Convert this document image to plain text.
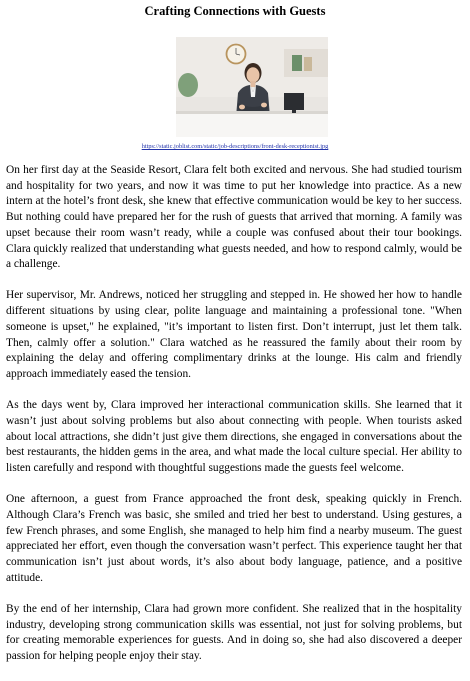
Crafting Connections with Guests
https://static.joblist.com/static/job-descriptions/front-desk-receptionist.jpg

On her first day at the Seaside Resort, Clara felt both excited and nervous. She had studied tourism and hospitality for two years, and now it was time to put her knowledge into practice. As a new intern at the hotel’s front desk, she knew that effective communication would be key to her success. But nothing could have prepared her for the rush of guests that arrived that morning. A family was upset because their room wasn’t ready, while a couple was confused about their tour bookings. Clara quickly realized that understanding what guests needed, and how to respond calmly, would be a challenge.

Her supervisor, Mr. Andrews, noticed her struggling and stepped in. He showed her how to handle different situations by using clear, polite language and maintaining a professional tone. "When someone is upset," he explained, "it’s important to listen first. Don’t interrupt, just let them talk. Then, calmly offer a solution." Clara watched as he reassured the family about their room by explaining the delay and offering complimentary drinks at the lounge. His calm and friendly approach immediately eased the tension.

As the days went by, Clara improved her interactional communication skills. She learned that it wasn’t just about solving problems but also about connecting with people. When tourists asked about local attractions, she didn’t just give them directions, she engaged in conversations about the best restaurants, the hidden gems in the area, and what made the local culture special. Her ability to listen carefully and respond with thoughtful suggestions made the guests feel welcome.

One afternoon, a guest from France approached the front desk, speaking quickly in French. Although Clara’s French was basic, she smiled and tried her best to understand. Using gestures, a few French phrases, and some English, she managed to help him find a nearby museum. The guest appreciated her effort, even though the conversation wasn’t perfect. This experience taught her that communication isn’t just about words, it’s also about body language, patience, and a positive attitude.

By the end of her internship, Clara had grown more confident. She realized that in the hospitality industry, developing strong communication skills was essential, not just for solving problems, but for creating memorable experiences for guests. And in doing so, she had also discovered a deeper passion for helping people enjoy their stay.
